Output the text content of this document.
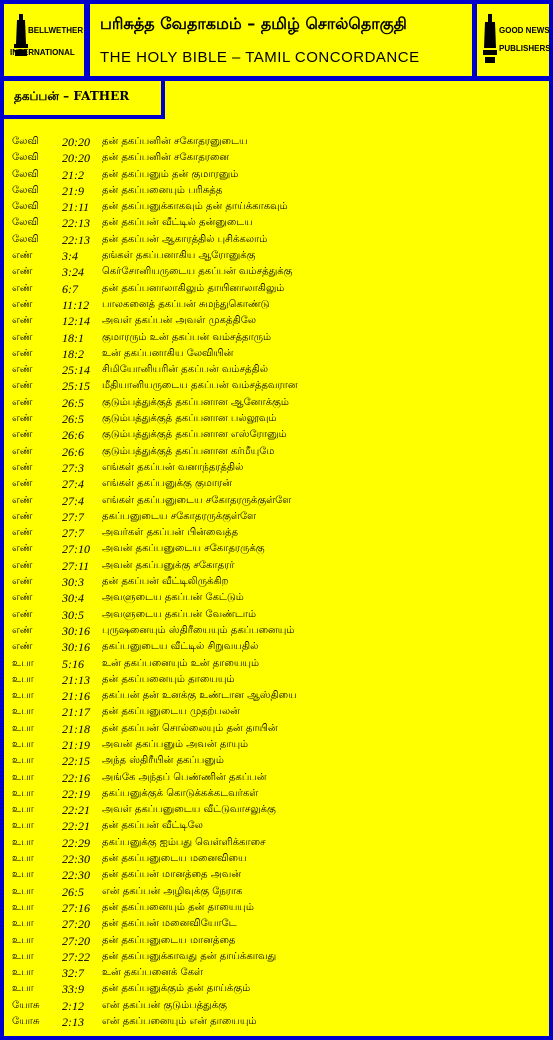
BELLWETHER
INTERNATIONAL
பரிசுத்த வேதாகமம் – தமிழ் சொல்தொகுதி
THE HOLY BIBLE – TAMIL CONCORDANCE
GOOD NEWS
PUBLISHERS
தகப்பன் – FATHER
லேவி 20:20 தன் தகப்பனின் சகோதரனுடைய
லேவி 20:20 தன் தகப்பனின் சகோதரனை
லேவி 21:2 தன் தகப்பனும் தன் குமாரனும்
லேவி 21:9 தன் தகப்பனையும் பரிசுத்த
லேவி 21:11 தன் தகப்பனுக்காகவும் தன் தாய்க்காகவும்
லேவி 22:13 தன் தகப்பன் வீட்டில் தன்னுடைய
லேவி 22:13 தன் தகப்பன் ஆகாரத்தில் புசிக்கலாம்
எண் 3:4 தங்கள் தகப்பனாகிய ஆரோனுக்கு
எண் 3:24 கெர்சோனியருடைய தகப்பன் வம்சத்துக்கு
எண் 6:7 தன் தகப்பனாலாகிலும் தாயினாலாகிலும்
எண் 11:12 பாலகனைத் தகப்பன் சுமந்துகொண்டு
எண் 12:14 அவள் தகப்பன் அவள் முகத்திலே
எண் 18:1 குமாரரும் உன் தகப்பன் வம்சத்தாரும்
எண் 18:2 உன் தகப்பனாகிய லேவியின்
எண் 25:14 சிமியோனியரின் தகப்பன் வம்சத்தில்
எண் 25:15 மீதியானியருடைய தகப்பன் வம்சத்தவரான
எண் 26:5 குடும்பத்துக்குத் தகப்பனான ஆனோக்கும்
எண் 26:5 குடும்பத்துக்குத் தகப்பனான பல்லூவும்
எண் 26:6 குடும்பத்துக்குத் தகப்பனான எஸ்ரோனும்
எண் 26:6 குடும்பத்துக்குத் தகப்பனான கர்மீயுமே
எண் 27:3 எங்கள் தகப்பன் வனாந்தரத்தில்
எண் 27:4 எங்கள் தகப்பனுக்கு குமாரன்
எண் 27:4 எங்கள் தகப்பனுடைய சகோதரருக்குள்ளே
எண் 27:7 தகப்பனுடைய சகோதரருக்குள்ளே
எண் 27:7 அவர்கள் தகப்பன் பின்வைத்த
எண் 27:10 அவன் தகப்பனுடைய சகோதரருக்கு
எண் 27:11 அவன் தகப்பனுக்கு சகோதரர்
எண் 30:3 தன் தகப்பன் வீட்டிலிருக்கிற
எண் 30:4 அவளுடைய தகப்பன் கேட்டும்
எண் 30:5 அவளுடைய தகப்பன் வேண்டாம்
எண் 30:16 புருஷனையும் ஸ்திரீயையும் தகப்பனையும்
எண் 30:16 தகப்பனுடைய வீட்டில் சிறுவயதில்
உபா 5:16 உன் தகப்பனையும் உன் தாயையும்
உபா 21:13 தன் தகப்பனையும் தாயையும்
உபா 21:16 தகப்பன் தன் உனக்கு உண்டான ஆஸ்தியை
உபா 21:17 தன் தகப்பனுடைய முதற்பலன்
உபா 21:18 தன் தகப்பன் சொல்லையும் தன் தாயின்
உபா 21:19 அவன் தகப்பனும் அவன் தாயும்
உபா 22:15 அந்த ஸ்திரீயின் தகப்பனும்
உபா 22:16 அங்கே அந்தப் பெண்ணின் தகப்பன்
உபா 22:19 தகப்பனுக்குக் கொடுக்கக்கடவர்கள்
உபா 22:21 அவள் தகப்பனுடைய வீட்டுவாசலுக்கு
உபா 22:21 தன் தகப்பன் வீட்டிலே
உபா 22:29 தகப்பனுக்கு ஐம்பது வெள்ளிக்காசை
உபா 22:30 தன் தகப்பனுடைய மனைவியை
உபா 22:30 தன் தகப்பன் மானத்தை அவன்
உபா 26:5 என் தகப்பன் அழிவுக்கு நேராக
உபா 27:16 தன் தகப்பனையும் தன் தாயையும்
உபா 27:20 தன் தகப்பன் மனைவியோடே
உபா 27:20 தன் தகப்பனுடைய மானத்தை
உபா 27:22 தன் தகப்பனுக்காவது தன் தாய்க்காவது
உபா 32:7 உன் தகப்பனைக் கேள்
உபா 33:9 தன் தகப்பனுக்கும் தன் தாய்க்கும்
யோசு 2:12 என் தகப்பன் குடும்பத்துக்கு
யோசு 2:13 என் தகப்பனையும் என் தாயையும்
